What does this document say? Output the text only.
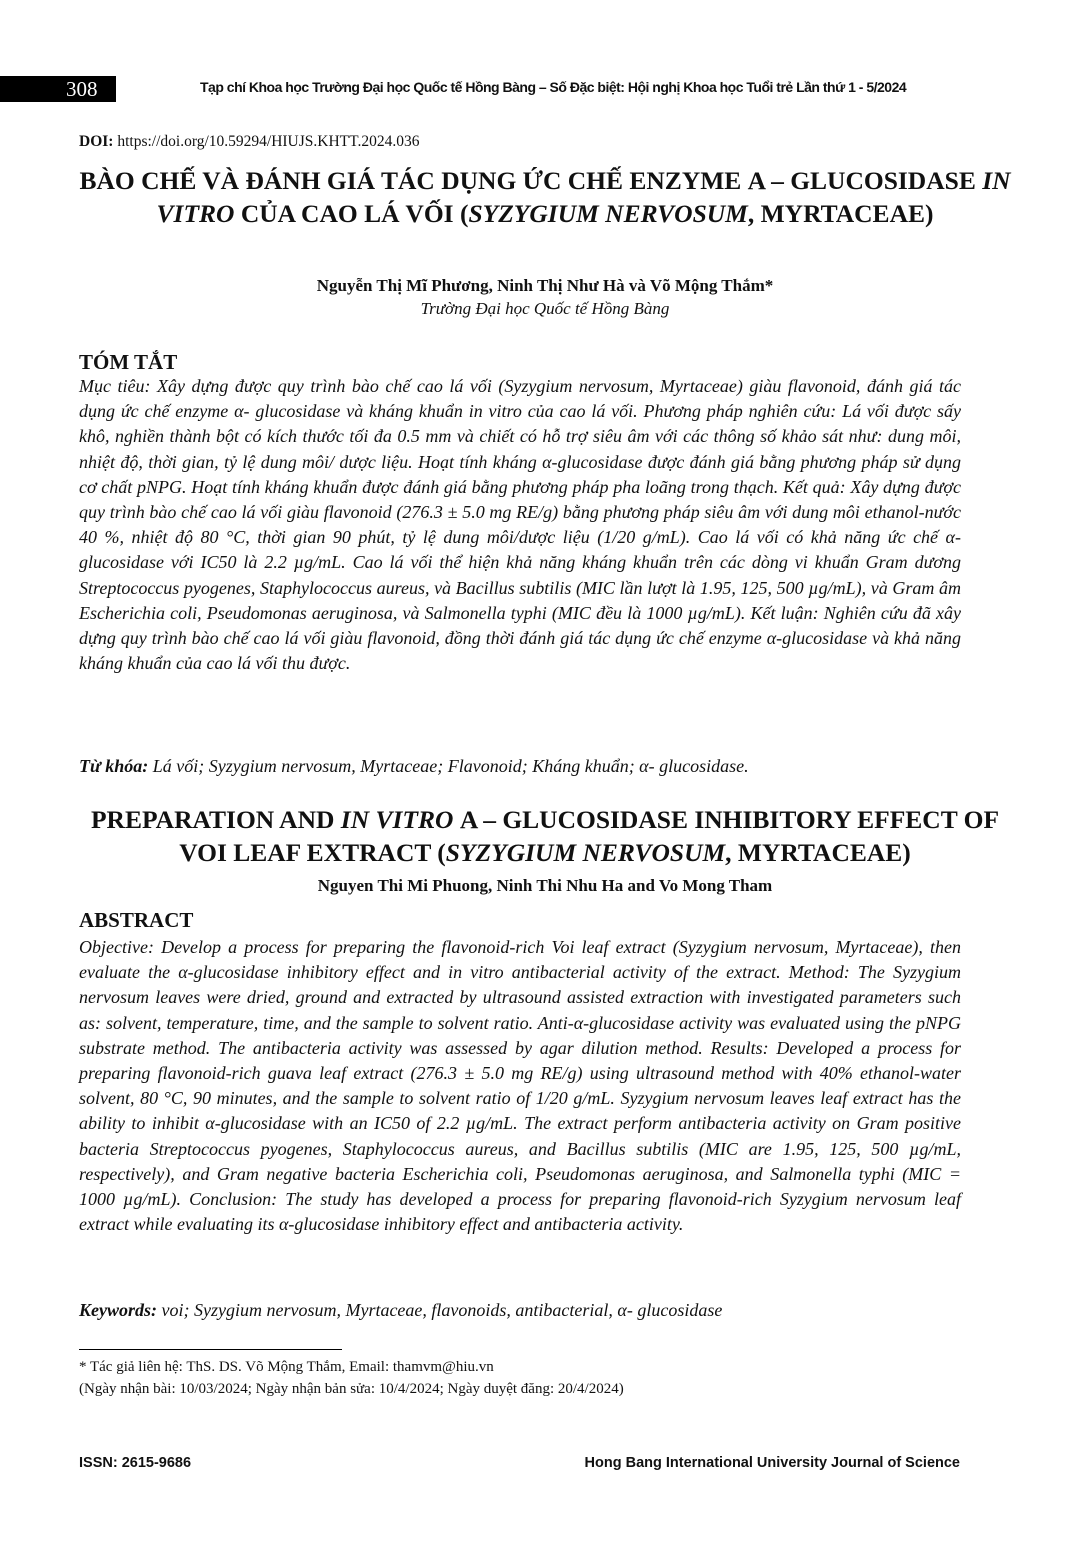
308	Tạp chí Khoa học Trường Đại học Quốc tế Hồng Bàng – Số Đặc biệt: Hội nghị Khoa học Tuổi trẻ Lần thứ 1 - 5/2024
DOI: https://doi.org/10.59294/HIUJS.KHTT.2024.036
BÀO CHẾ VÀ ĐÁNH GIÁ TÁC DỤNG ỨC CHẾ ENZYME Α – GLUCOSIDASE IN VITRO CỦA CAO LÁ VỐI (SYZYGIUM NERVOSUM, MYRTACEAE)
Nguyễn Thị Mĩ Phương, Ninh Thị Như Hà và Võ Mộng Thắm*
Trường Đại học Quốc tế Hồng Bàng
TÓM TẮT
Mục tiêu: Xây dựng được quy trình bào chế cao lá vối (Syzygium nervosum, Myrtaceae) giàu flavonoid, đánh giá tác dụng ức chế enzyme α- glucosidase và kháng khuẩn in vitro của cao lá vối. Phương pháp nghiên cứu: Lá vối được sấy khô, nghiền thành bột có kích thước tối đa 0.5 mm và chiết có hỗ trợ siêu âm với các thông số khảo sát như: dung môi, nhiệt độ, thời gian, tỷ lệ dung môi/ dược liệu. Hoạt tính kháng α-glucosidase được đánh giá bằng phương pháp sử dụng cơ chất pNPG. Hoạt tính kháng khuẩn được đánh giá bằng phương pháp pha loãng trong thạch. Kết quả: Xây dựng được quy trình bào chế cao lá vối giàu flavonoid (276.3 ± 5.0 mg RE/g) bằng phương pháp siêu âm với dung môi ethanol-nước 40 %, nhiệt độ 80 °C, thời gian 90 phút, tỷ lệ dung môi/dược liệu (1/20 g/mL). Cao lá vối có khả năng ức chế α-glucosidase với IC50 là 2.2 µg/mL. Cao lá vối thể hiện khả năng kháng khuẩn trên các dòng vi khuẩn Gram dương Streptococcus pyogenes, Staphylococcus aureus, và Bacillus subtilis (MIC lần lượt là 1.95, 125, 500 µg/mL), và Gram âm Escherichia coli, Pseudomonas aeruginosa, và Salmonella typhi (MIC đều là 1000 µg/mL). Kết luận: Nghiên cứu đã xây dựng quy trình bào chế cao lá vối giàu flavonoid, đồng thời đánh giá tác dụng ức chế enzyme α-glucosidase và khả năng kháng khuẩn của cao lá vối thu được.
Từ khóa: Lá vối; Syzygium nervosum, Myrtaceae; Flavonoid; Kháng khuẩn; α- glucosidase.
PREPARATION AND IN VITRO Α – GLUCOSIDASE INHIBITORY EFFECT OF VOI LEAF EXTRACT (SYZYGIUM NERVOSUM, MYRTACEAE)
Nguyen Thi Mi Phuong, Ninh Thi Nhu Ha and Vo Mong Tham
ABSTRACT
Objective: Develop a process for preparing the flavonoid-rich Voi leaf extract (Syzygium nervosum, Myrtaceae), then evaluate the α-glucosidase inhibitory effect and in vitro antibacterial activity of the extract. Method: The Syzygium nervosum leaves were dried, ground and extracted by ultrasound assisted extraction with investigated parameters such as: solvent, temperature, time, and the sample to solvent ratio. Anti-α-glucosidase activity was evaluated using the pNPG substrate method. The antibacteria activity was assessed by agar dilution method. Results: Developed a process for preparing flavonoid-rich guava leaf extract (276.3 ± 5.0 mg RE/g) using ultrasound method with 40% ethanol-water solvent, 80 °C, 90 minutes, and the sample to solvent ratio of 1/20 g/mL. Syzygium nervosum leaves leaf extract has the ability to inhibit α-glucosidase with an IC50 of 2.2 µg/mL. The extract perform antibacteria activity on Gram positive bacteria Streptococcus pyogenes, Staphylococcus aureus, and Bacillus subtilis (MIC are 1.95, 125, 500 µg/mL, respectively), and Gram negative bacteria Escherichia coli, Pseudomonas aeruginosa, and Salmonella typhi (MIC = 1000 µg/mL). Conclusion: The study has developed a process for preparing flavonoid-rich Syzygium nervosum leaf extract while evaluating its α-glucosidase inhibitory effect and antibacteria activity.
Keywords: voi; Syzygium nervosum, Myrtaceae, flavonoids, antibacterial, α- glucosidase
* Tác giả liên hệ: ThS. DS. Võ Mộng Thắm, Email: thamvm@hiu.vn
(Ngày nhận bài: 10/03/2024; Ngày nhận bản sửa: 10/4/2024; Ngày duyệt đăng: 20/4/2024)
ISSN: 2615-9686	Hong Bang International University Journal of Science
